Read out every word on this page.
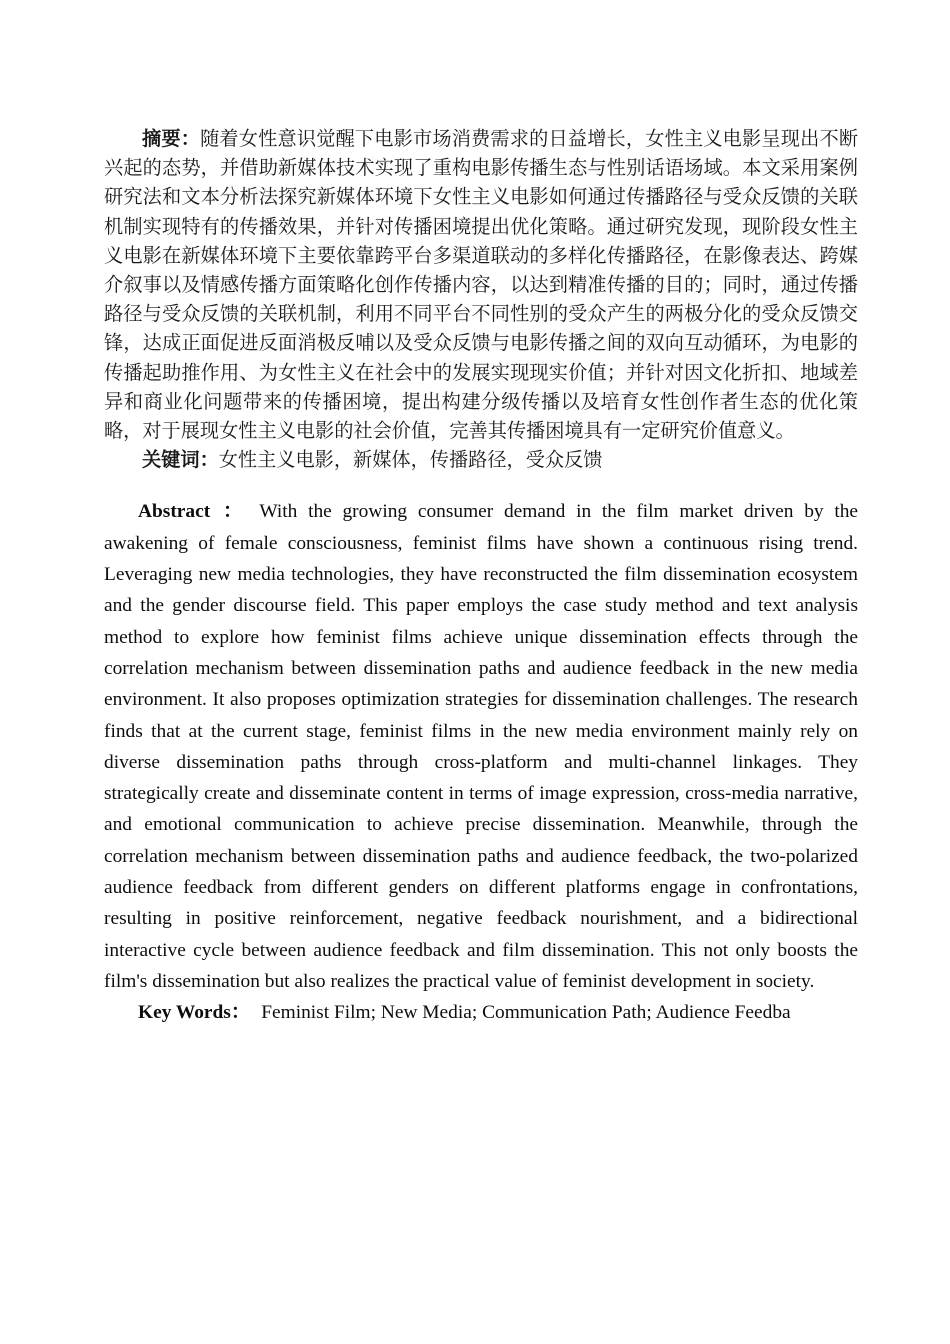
摘要：随着女性意识觉醒下电影市场消费需求的日益增长，女性主义电影呈现出不断兴起的态势，并借助新媒体技术实现了重构电影传播生态与性别话语场域。本文采用案例研究法和文本分析法探究新媒体环境下女性主义电影如何通过传播路径与受众反馈的关联机制实现特有的传播效果，并针对传播困境提出优化策略。通过研究发现，现阶段女性主义电影在新媒体环境下主要依靠跨平台多渠道联动的多样化传播路径，在影像表达、跨媒介叙事以及情感传播方面策略化创作传播内容，以达到精准传播的目的；同时，通过传播路径与受众反馈的关联机制，利用不同平台不同性别的受众产生的两极分化的受众反馈交锋，达成正面促进反面消极反哺以及受众反馈与电影传播之间的双向互动循环，为电影的传播起助推作用、为女性主义在社会中的发展实现现实价值；并针对因文化折扣、地域差异和商业化问题带来的传播困境，提出构建分级传播以及培育女性创作者生态的优化策略，对于展现女性主义电影的社会价值，完善其传播困境具有一定研究价值意义。

关键词：女性主义电影，新媒体，传播路径，受众反馈

Abstract ： With the growing consumer demand in the film market driven by the awakening of female consciousness, feminist films have shown a continuous rising trend. Leveraging new media technologies, they have reconstructed the film dissemination ecosystem and the gender discourse field. This paper employs the case study method and text analysis method to explore how feminist films achieve unique dissemination effects through the correlation mechanism between dissemination paths and audience feedback in the new media environment. It also proposes optimization strategies for dissemination challenges. The research finds that at the current stage, feminist films in the new media environment mainly rely on diverse dissemination paths through cross-platform and multi-channel linkages. They strategically create and disseminate content in terms of image expression, cross-media narrative, and emotional communication to achieve precise dissemination. Meanwhile, through the correlation mechanism between dissemination paths and audience feedback, the two-polarized audience feedback from different genders on different platforms engage in confrontations, resulting in positive reinforcement, negative feedback nourishment, and a bidirectional interactive cycle between audience feedback and film dissemination. This not only boosts the film's dissemination but also realizes the practical value of feminist development in society.

Key Words： Feminist Film; New Media; Communication Path; Audience Feedba
